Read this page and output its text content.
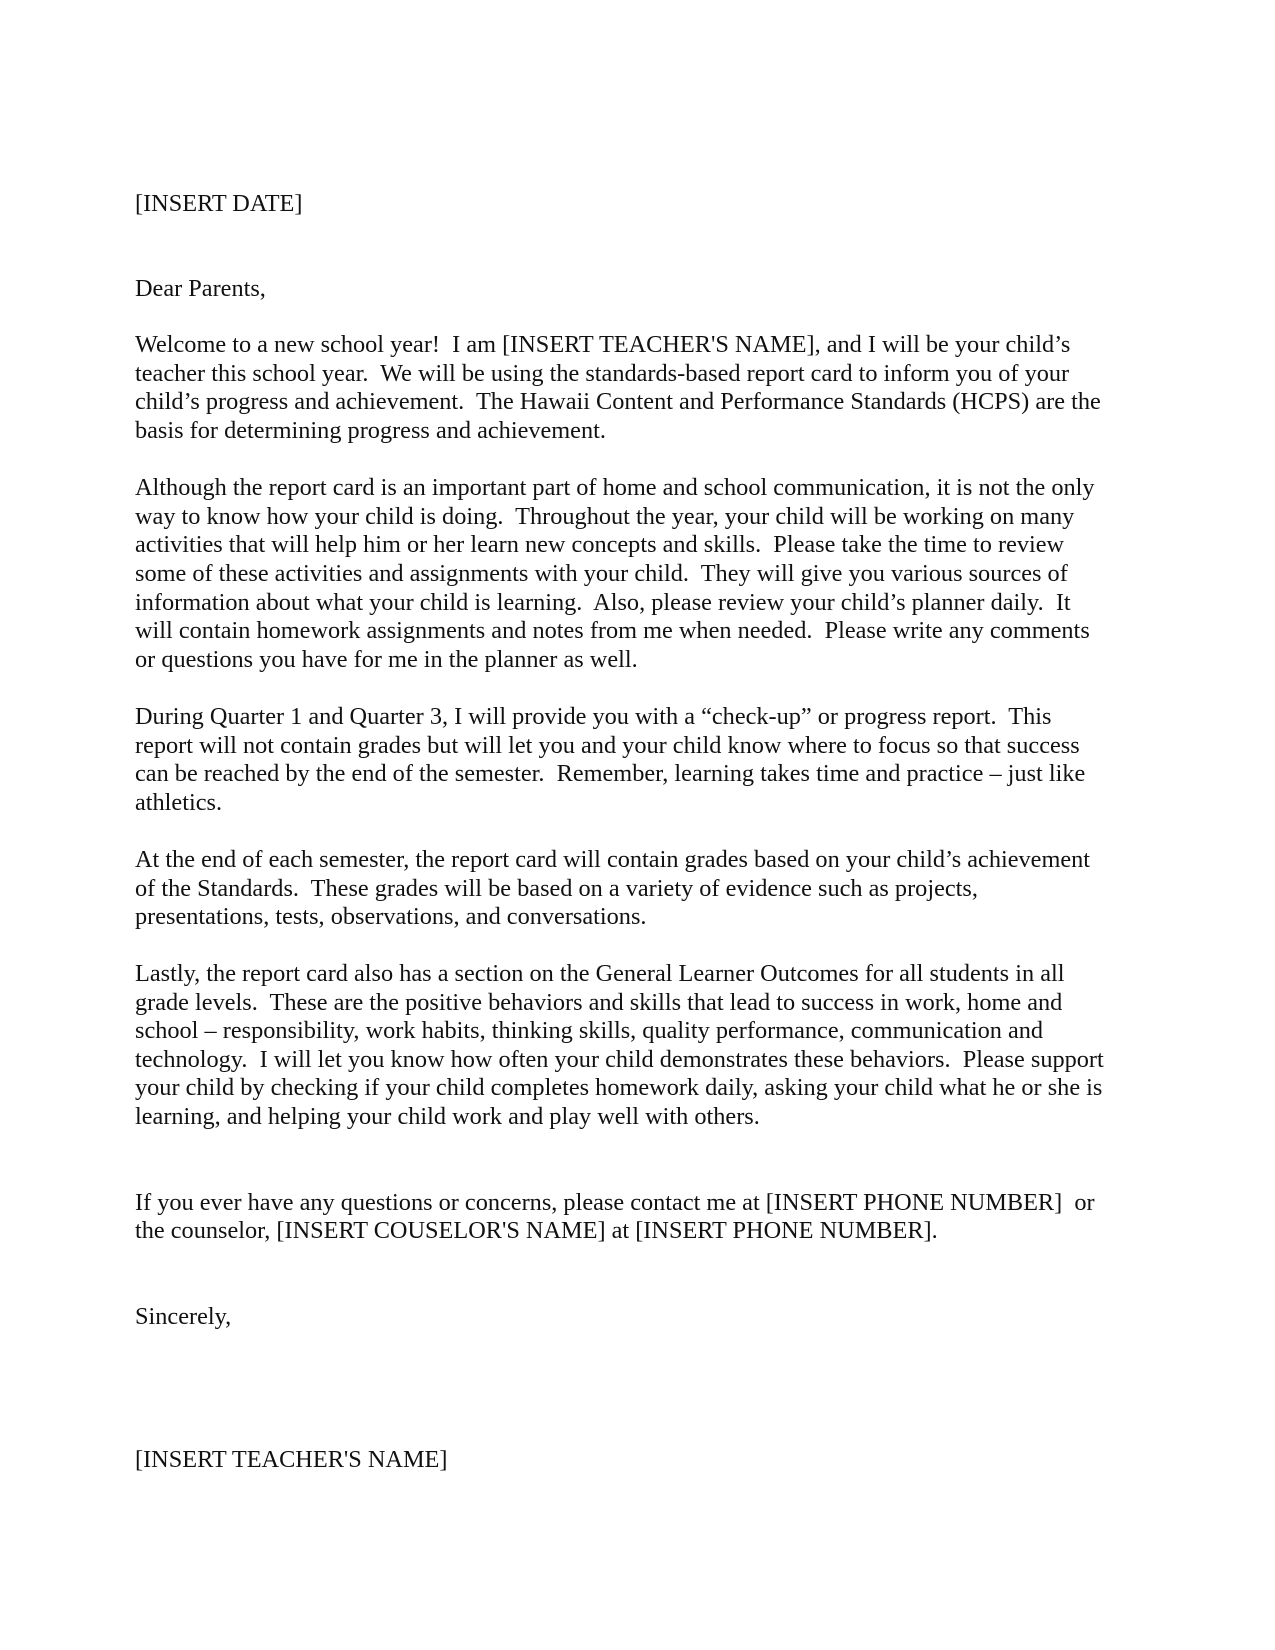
[INSERT DATE]
Dear Parents,
Welcome to a new school year!  I am [INSERT TEACHER'S NAME], and I will be your child’s
teacher this school year.  We will be using the standards-based report card to inform you of your
child’s progress and achievement.  The Hawaii Content and Performance Standards (HCPS) are the
basis for determining progress and achievement.
Although the report card is an important part of home and school communication, it is not the only
way to know how your child is doing.  Throughout the year, your child will be working on many
activities that will help him or her learn new concepts and skills.  Please take the time to review
some of these activities and assignments with your child.  They will give you various sources of
information about what your child is learning.  Also, please review your child’s planner daily.  It
will contain homework assignments and notes from me when needed.  Please write any comments
or questions you have for me in the planner as well.
During Quarter 1 and Quarter 3, I will provide you with a “check-up” or progress report.  This
report will not contain grades but will let you and your child know where to focus so that success
can be reached by the end of the semester.  Remember, learning takes time and practice – just like
athletics.
At the end of each semester, the report card will contain grades based on your child’s achievement
of the Standards.  These grades will be based on a variety of evidence such as projects,
presentations, tests, observations, and conversations.
Lastly, the report card also has a section on the General Learner Outcomes for all students in all
grade levels.  These are the positive behaviors and skills that lead to success in work, home and
school – responsibility, work habits, thinking skills, quality performance, communication and
technology.  I will let you know how often your child demonstrates these behaviors.  Please support
your child by checking if your child completes homework daily, asking your child what he or she is
learning, and helping your child work and play well with others.
If you ever have any questions or concerns, please contact me at [INSERT PHONE NUMBER]  or
the counselor, [INSERT COUSELOR'S NAME] at [INSERT PHONE NUMBER].
Sincerely,
[INSERT TEACHER'S NAME]
